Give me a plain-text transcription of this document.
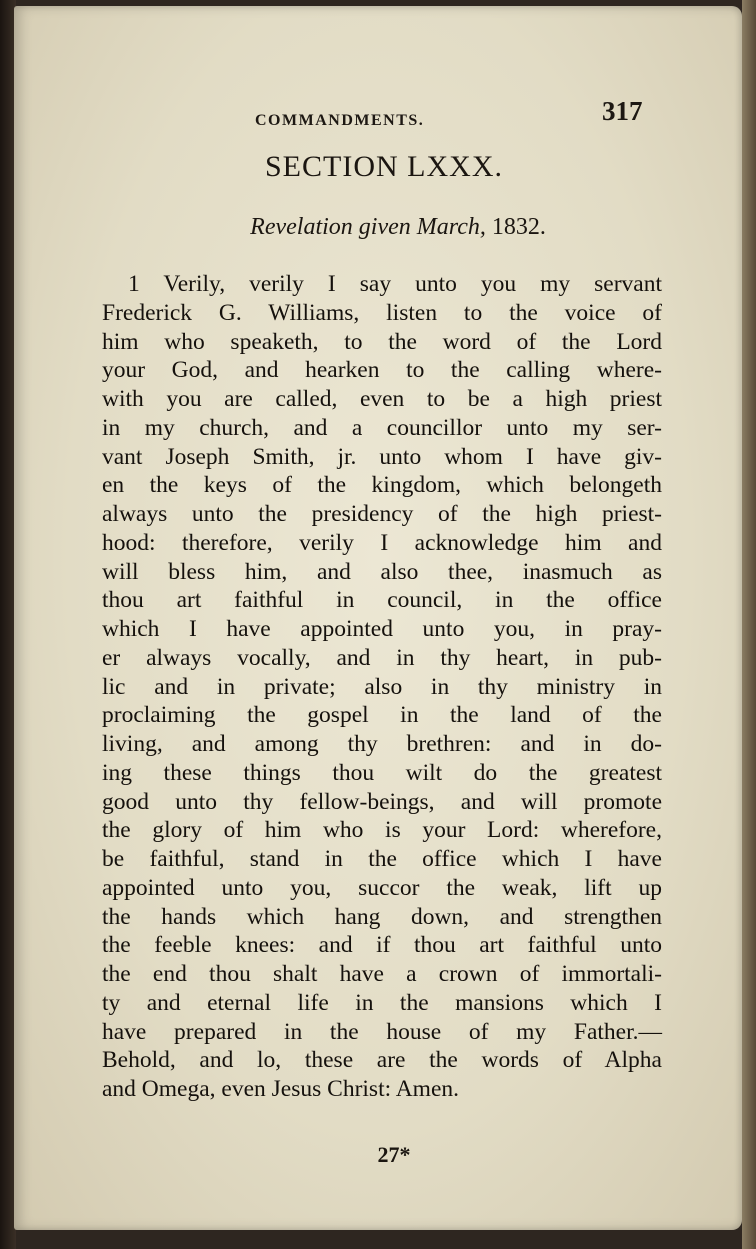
COMMANDMENTS.	317
SECTION LXXX.
Revelation given March, 1832.
1 Verily, verily I say unto you my servant
Frederick G. Williams, listen to the voice of
him who speaketh, to the word of the Lord
your God, and hearken to the calling where-
with you are called, even to be a high priest
in my church, and a councillor unto my ser-
vant Joseph Smith, jr. unto whom I have giv-
en the keys of the kingdom, which belongeth
always unto the presidency of the high priest-
hood: therefore, verily I acknowledge him and
will bless him, and also thee, inasmuch as
thou art faithful in council, in the office
which I have appointed unto you, in pray-
er always vocally, and in thy heart, in pub-
lic and in private; also in thy ministry in
proclaiming the gospel in the land of the
living, and among thy brethren: and in do-
ing these things thou wilt do the greatest
good unto thy fellow-beings, and will promote
the glory of him who is your Lord: wherefore,
be faithful, stand in the office which I have
appointed unto you, succor the weak, lift up
the hands which hang down, and strengthen
the feeble knees: and if thou art faithful unto
the end thou shalt have a crown of immortali-
ty and eternal life in the mansions which I
have prepared in the house of my Father.—
Behold, and lo, these are the words of Alpha
and Omega, even Jesus Christ: Amen.
27*
